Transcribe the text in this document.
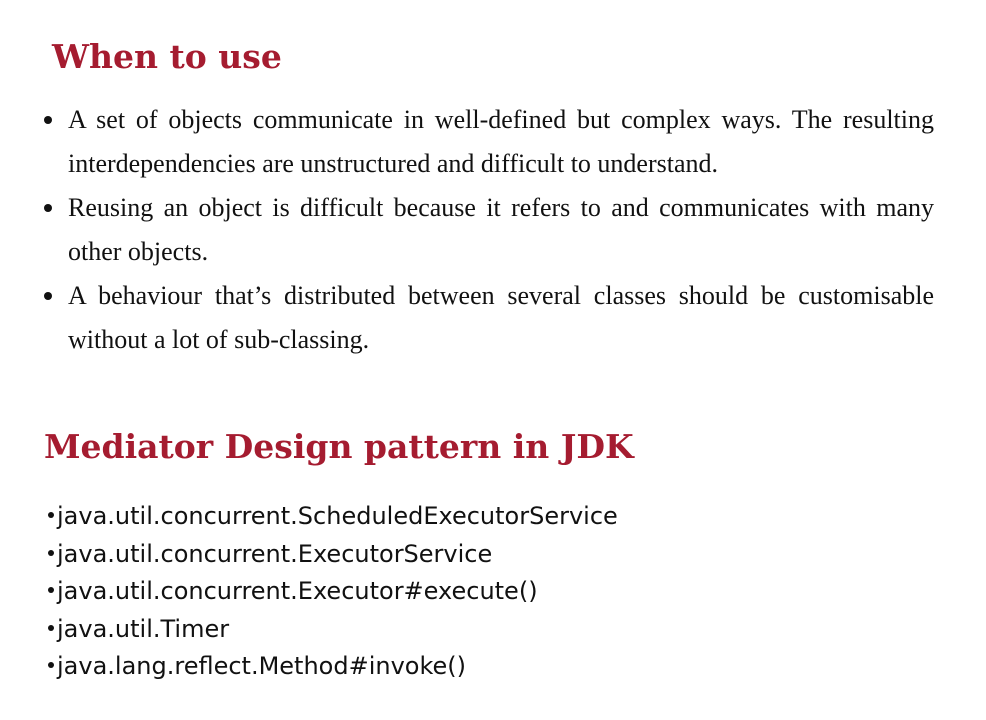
When to use
A set of objects communicate in well-defined but complex ways. The resulting interdependencies are unstructured and difficult to understand.
Reusing an object is difficult because it refers to and communicates with many other objects.
A behaviour that’s distributed between several classes should be customisable without a lot of sub-classing.
Mediator Design pattern in JDK
java.util.concurrent.ScheduledExecutorService
java.util.concurrent.ExecutorService
java.util.concurrent.Executor#execute()
java.util.Timer
java.lang.reflect.Method#invoke()
